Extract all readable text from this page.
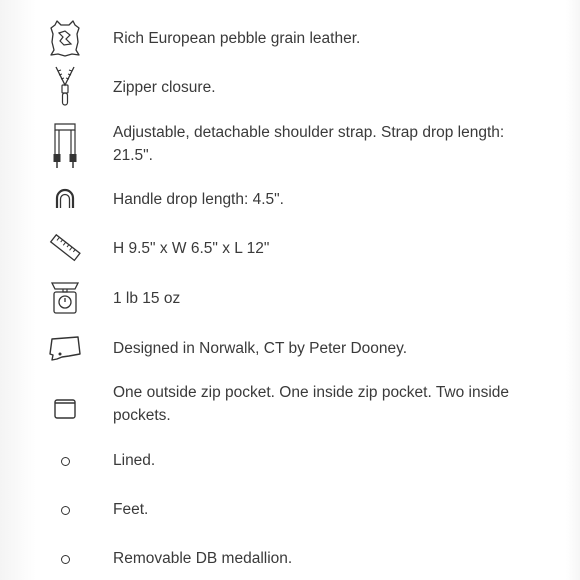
Rich European pebble grain leather.
Zipper closure.
Adjustable, detachable shoulder strap. Strap drop length: 21.5".
Handle drop length: 4.5".
H 9.5" x W 6.5" x L 12"
1 lb 15 oz
Designed in Norwalk, CT by Peter Dooney.
One outside zip pocket. One inside zip pocket. Two inside pockets.
Lined.
Feet.
Removable DB medallion.
